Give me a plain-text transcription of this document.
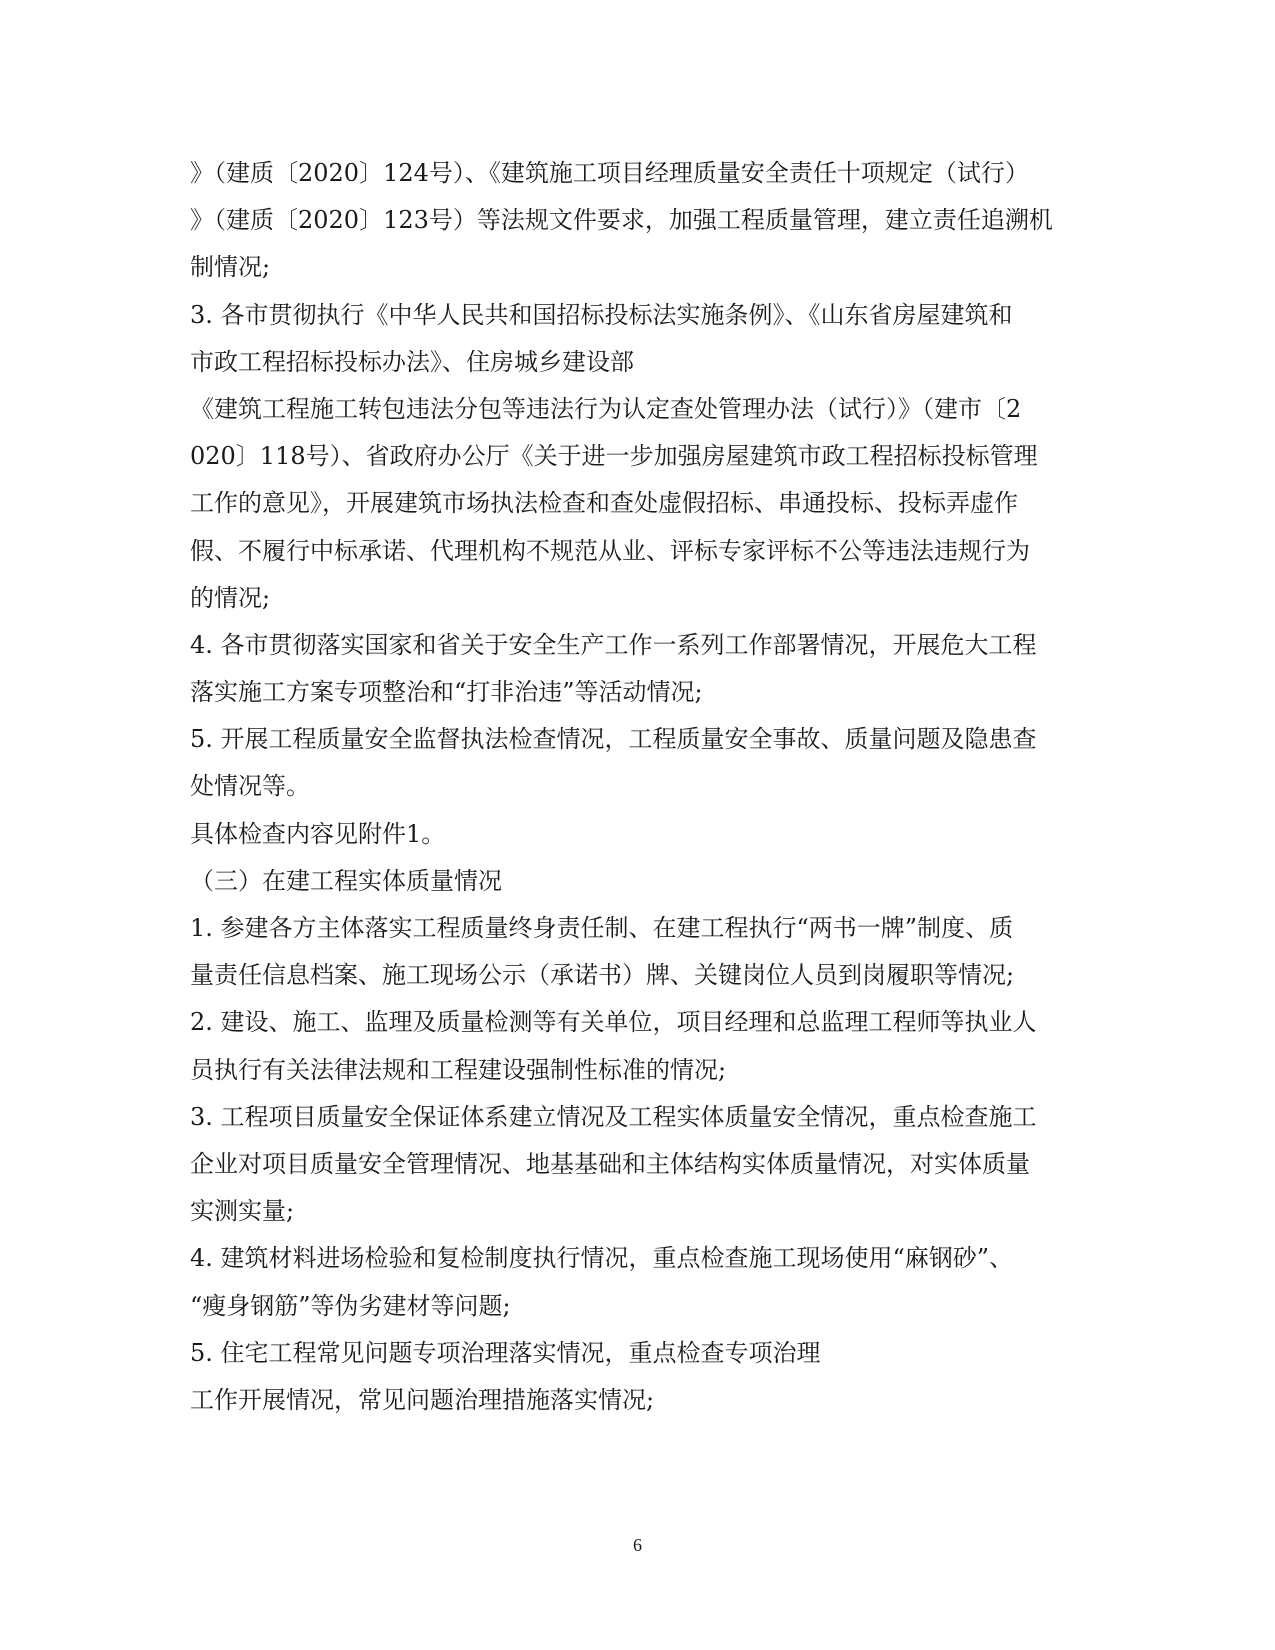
》（建质〔2020〕124号）、《建筑施工项目经理质量安全责任十项规定（试行）
》（建质〔2020〕123号）等法规文件要求，加强工程质量管理，建立责任追溯机
制情况;
3. 各市贯彻执行《中华人民共和国招标投标法实施条例》、《山东省房屋建筑和
市政工程招标投标办法》、住房城乡建设部
《建筑工程施工转包违法分包等违法行为认定查处管理办法（试行）》（建市〔2
020〕118号）、省政府办公厅《关于进一步加强房屋建筑市政工程招标投标管理
工作的意见》，开展建筑市场执法检查和查处虚假招标、串通投标、投标弄虚作
假、不履行中标承诺、代理机构不规范从业、评标专家评标不公等违法违规行为
的情况;
4. 各市贯彻落实国家和省关于安全生产工作一系列工作部署情况，开展危大工程
落实施工方案专项整治和“打非治违”等活动情况;
5. 开展工程质量安全监督执法检查情况，工程质量安全事故、质量问题及隐患查
处情况等。
具体检查内容见附件1。
（三）在建工程实体质量情况
1. 参建各方主体落实工程质量终身责任制、在建工程执行“两书一牌”制度、质
量责任信息档案、施工现场公示（承诺书）牌、关键岗位人员到岗履职等情况;
2. 建设、施工、监理及质量检测等有关单位，项目经理和总监理工程师等执业人
员执行有关法律法规和工程建设强制性标准的情况;
3. 工程项目质量安全保证体系建立情况及工程实体质量安全情况，重点检查施工
企业对项目质量安全管理情况、地基基础和主体结构实体质量情况，对实体质量
实测实量;
4. 建筑材料进场检验和复检制度执行情况，重点检查施工现场使用“麻钢砂”、
“瘦身钢筋”等伪劣建材等问题;
5. 住宅工程常见问题专项治理落实情况，重点检查专项治理
工作开展情况，常见问题治理措施落实情况;
6
